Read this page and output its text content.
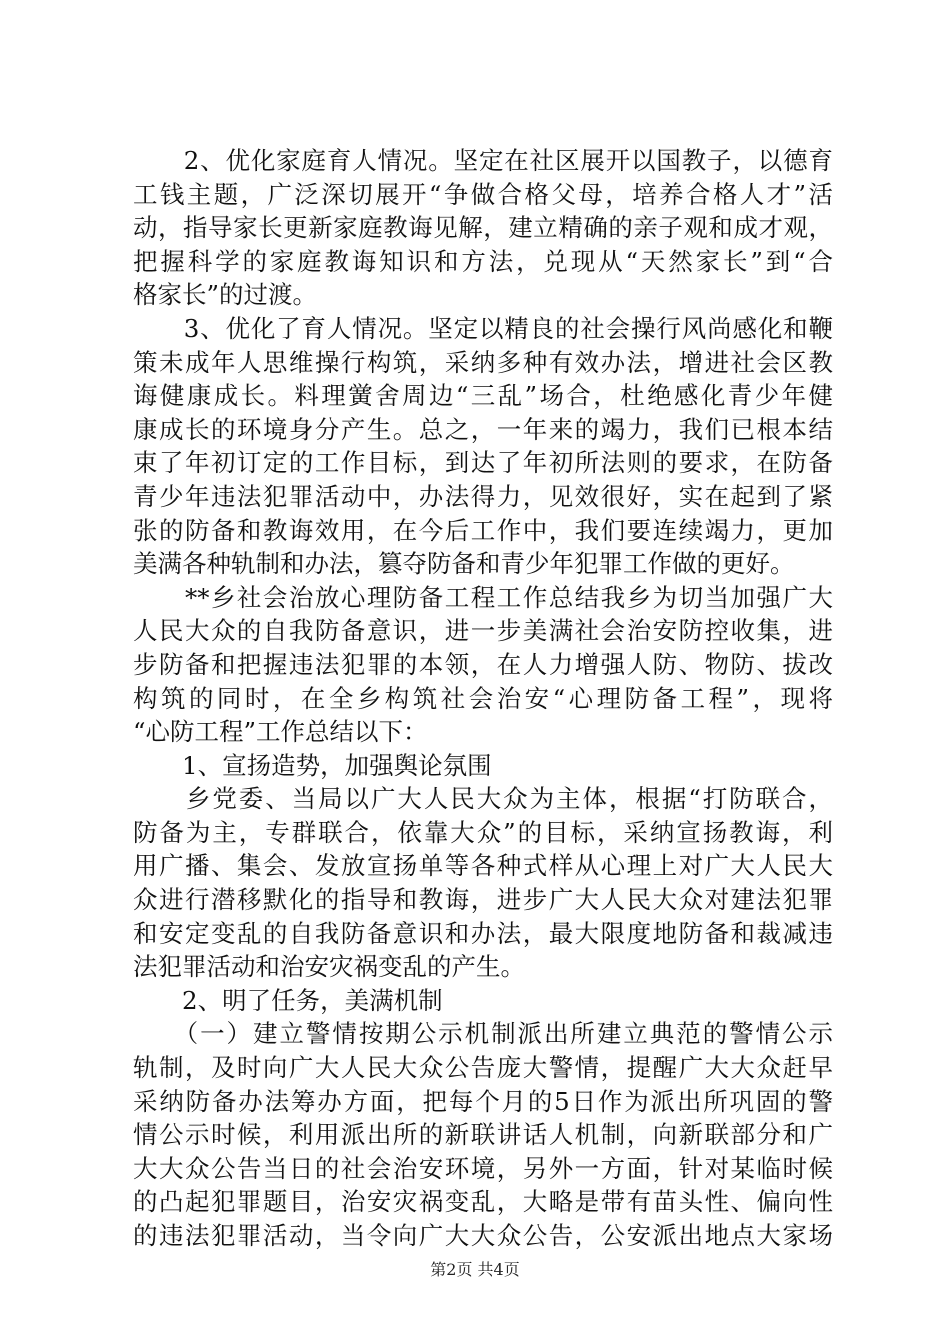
　　2、优化家庭育人情况。坚定在社区展开以国教子，以德育
工钱主题，广泛深切展开“争做合格父母，培养合格人才”活
动，指导家长更新家庭教诲见解，建立精确的亲子观和成才观，
把握科学的家庭教诲知识和方法，兑现从“天然家长”到“合
格家长”的过渡。
　　3、优化了育人情况。坚定以精良的社会操行风尚感化和鞭
策未成年人思维操行构筑，采纳多种有效办法，增进社会区教
诲健康成长。料理黉舍周边“三乱”场合，杜绝感化青少年健
康成长的环境身分产生。总之，一年来的竭力，我们已根本结
束了年初订定的工作目标，到达了年初所法则的要求，在防备
青少年违法犯罪活动中，办法得力，见效很好，实在起到了紧
张的防备和教诲效用，在今后工作中，我们要连续竭力，更加
美满各种轨制和办法，篡夺防备和青少年犯罪工作做的更好。
　　**乡社会治放心理防备工程工作总结我乡为切当加强广大
人民大众的自我防备意识，进一步美满社会治安防控收集，进
步防备和把握违法犯罪的本领，在人力增强人防、物防、拔改
构筑的同时，在全乡构筑社会治安“心理防备工程”，现将
“心防工程”工作总结以下：
　　1、宣扬造势，加强舆论氛围
　　乡党委、当局以广大人民大众为主体，根据“打防联合，
防备为主，专群联合，依靠大众”的目标，采纳宣扬教诲，利
用广播、集会、发放宣扬单等各种式样从心理上对广大人民大
众进行潜移默化的指导和教诲，进步广大人民大众对建法犯罪
和安定变乱的自我防备意识和办法，最大限度地防备和裁减违
法犯罪活动和治安灾祸变乱的产生。
　　2、明了任务，美满机制
　　（一）建立警情按期公示机制派出所建立典范的警情公示
轨制，及时向广大人民大众公告庞大警情，提醒广大大众赶早
采纳防备办法筹办方面，把每个月的5日作为派出所巩固的警
情公示时候，利用派出所的新联讲话人机制，向新联部分和广
大大众公告当日的社会治安环境，另外一方面，针对某临时候
的凸起犯罪题目，治安灾祸变乱，大略是带有苗头性、偏向性
的违法犯罪活动，当令向广大大众公告，公安派出地点大家场
第2页 共4页
